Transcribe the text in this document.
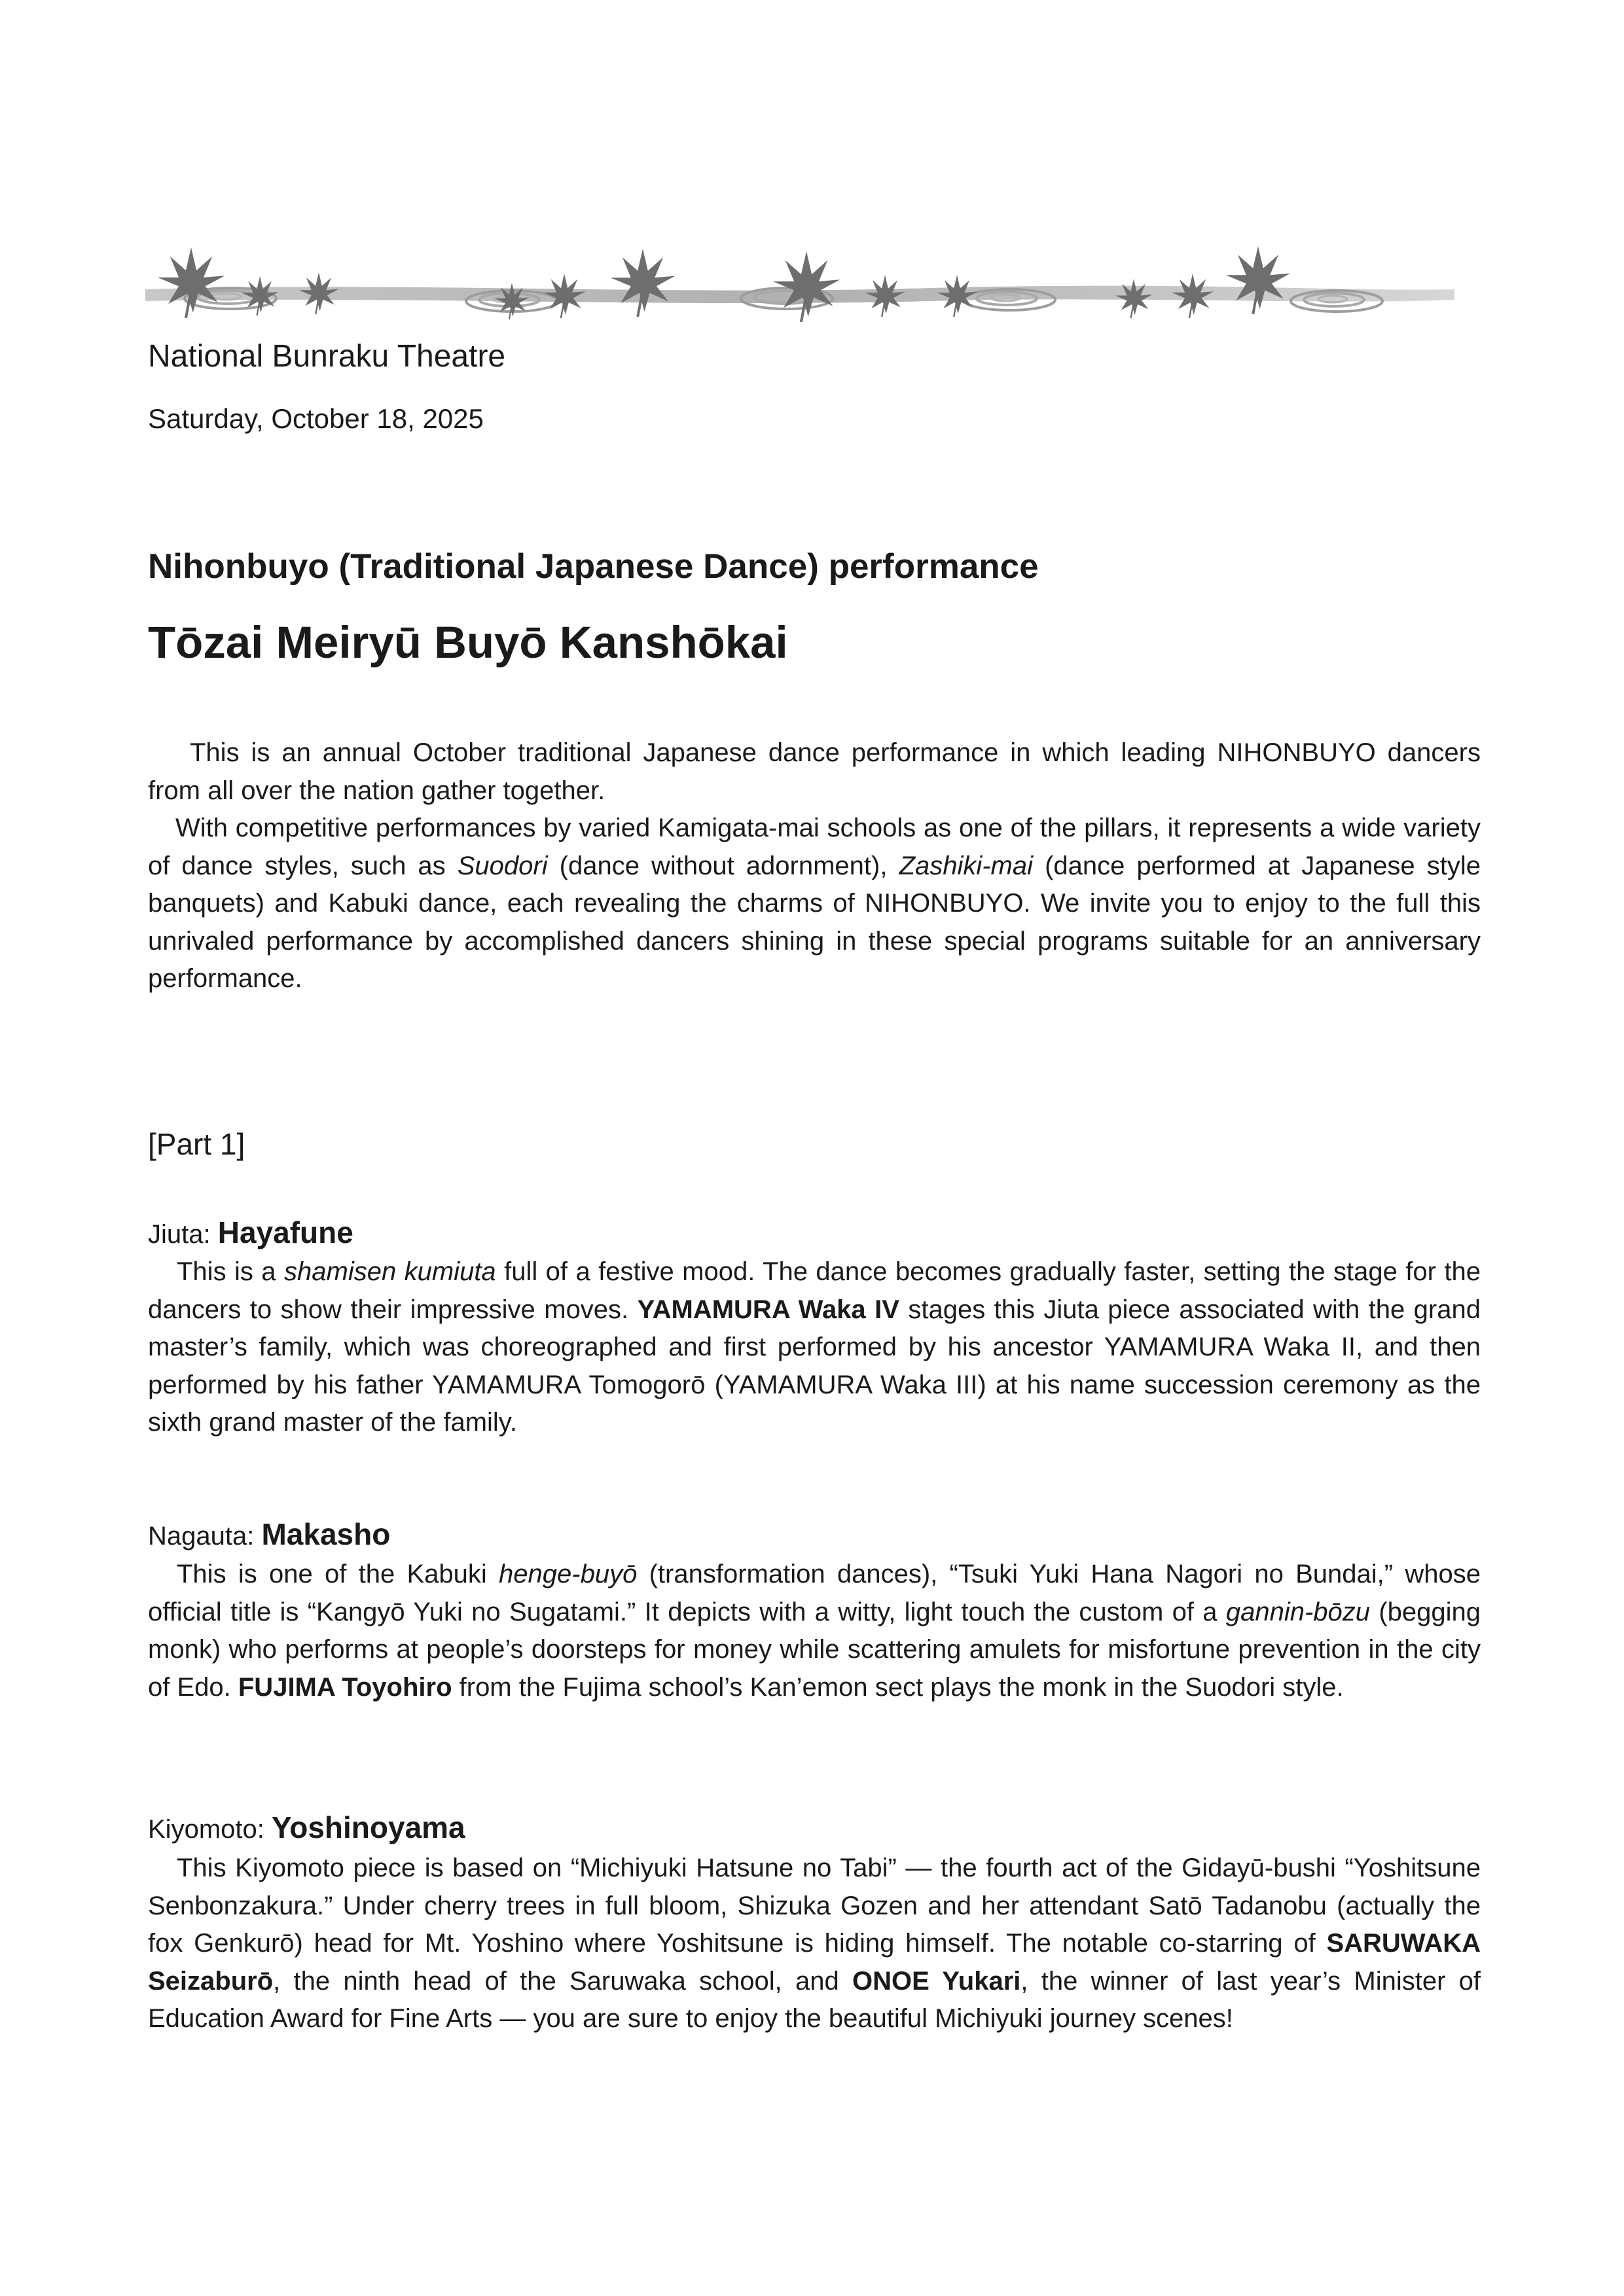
National Bunraku Theatre
Saturday, October 18, 2025
Nihonbuyo (Traditional Japanese Dance) performance
Tōzai Meiryū Buyō Kanshōkai

This is an annual October traditional Japanese dance performance in which leading NIHONBUYO dancers from all over the nation gather together.

With competitive performances by varied Kamigata-mai schools as one of the pillars, it represents a wide variety of dance styles, such as Suodori (dance without adornment), Zashiki-mai (dance performed at Japanese style banquets) and Kabuki dance, each revealing the charms of NIHONBUYO. We invite you to enjoy to the full this unrivaled performance by accomplished dancers shining in these special programs suitable for an anniversary performance.

[Part 1]
Jiuta: Hayafune

This is a shamisen kumiuta full of a festive mood. The dance becomes gradually faster, setting the stage for the dancers to show their impressive moves. YAMAMURA Waka IV stages this Jiuta piece associated with the grand master’s family, which was choreographed and first performed by his ancestor YAMAMURA Waka II, and then performed by his father YAMAMURA Tomogorō (YAMAMURA Waka III) at his name succession ceremony as the sixth grand master of the family.

Nagauta: Makasho

This is one of the Kabuki henge-buyō (transformation dances), “Tsuki Yuki Hana Nagori no Bundai,” whose official title is “Kangyō Yuki no Sugatami.” It depicts with a witty, light touch the custom of a gannin-bōzu (begging monk) who performs at people’s doorsteps for money while scattering amulets for misfortune prevention in the city of Edo. FUJIMA Toyohiro from the Fujima school’s Kan’emon sect plays the monk in the Suodori style.

Kiyomoto: Yoshinoyama

This Kiyomoto piece is based on “Michiyuki Hatsune no Tabi” — the fourth act of the Gidayū-bushi “Yoshitsune Senbonzakura.” Under cherry trees in full bloom, Shizuka Gozen and her attendant Satō Tadanobu (actually the fox Genkurō) head for Mt. Yoshino where Yoshitsune is hiding himself. The notable co-starring of SARUWAKA Seizaburō, the ninth head of the Saruwaka school, and ONOE Yukari, the winner of last year’s Minister of Education Award for Fine Arts — you are sure to enjoy the beautiful Michiyuki journey scenes!
